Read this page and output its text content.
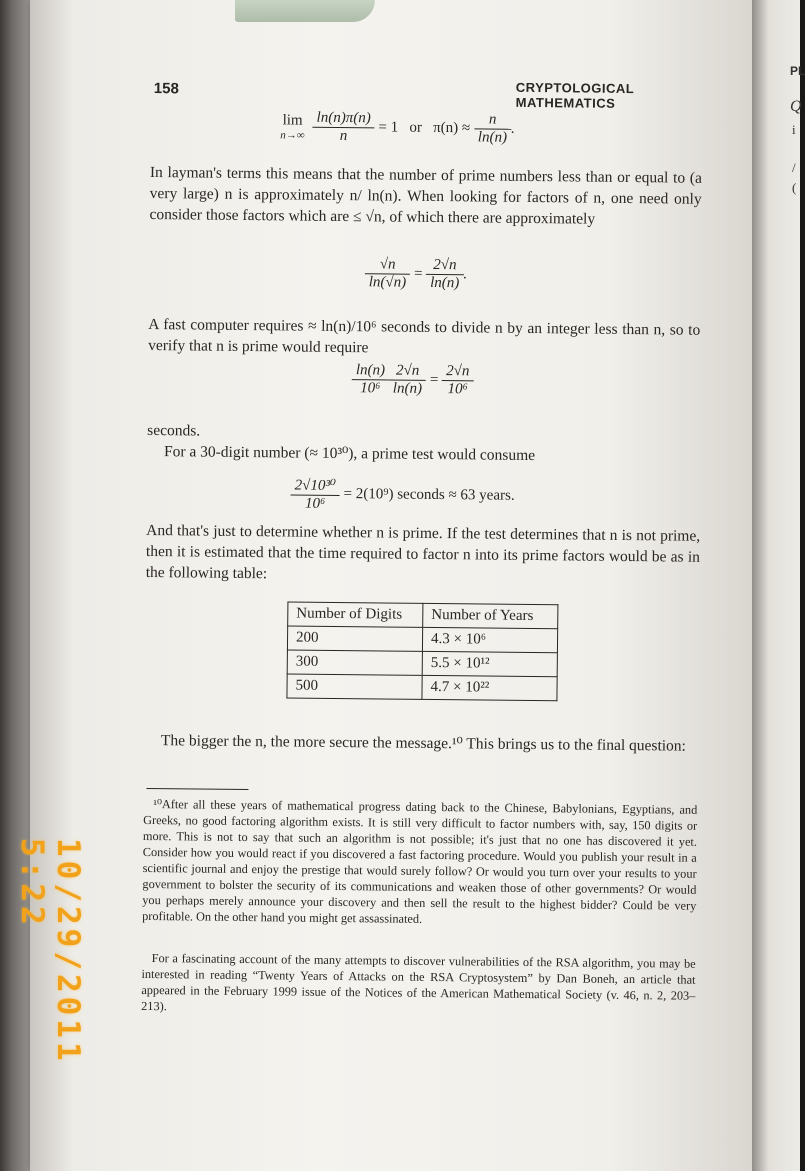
PL
Q
i
/
(
158	CRYPTOLOGICAL MATHEMATICS
lim
n→∞
$\frac{\ln(n)\pi(n)}{n} = 1$   or   $\pi(n) \approx \frac{n}{\ln(n)}$ .
In layman's terms this means that the number of prime numbers less than or equal to (a very large) n is approximately n/ ln(n). When looking for factors of n, one need only consider those factors which are ≤ √n, of which there are approximately
$\frac{√n}{\ln(√n)} = \frac{2√n}{\ln(n)}$ .
A fast computer requires ≈ ln(n)/10⁶ seconds to divide n by an integer less than n, so to verify that n is prime would require
$\frac{\ln(n)}{\text{10⁶}} \frac{2√n}{\ln(n)} = \frac{2√n}{\text{10⁶}}$
seconds.
For a 30-digit number (≈ 10³⁰), a prime test would consume
$\frac{\text{2√10³⁰}}{\text{10⁶}} = 2(10^9)$ seconds ≈ 63 years.
And that's just to determine whether n is prime. If the test determines that n is not prime, then it is estimated that the time required to factor n into its prime factors would be as in the following table:
Number of Digits	Number of Years
200	4.3 × 10⁶
300	5.5 × 10¹²
500	4.7 × 10²²
The bigger the n, the more secure the message.¹⁰ This brings us to the final question:
¹⁰After all these years of mathematical progress dating back to the Chinese, Babylonians, Egyptians, and Greeks, no good factoring algorithm exists. It is still very difficult to factor numbers with, say, 150 digits or more. This is not to say that such an algorithm is not possible; it's just that no one has discovered it yet. Consider how you would react if you discovered a fast factoring procedure. Would you publish your result in a scientific journal and enjoy the prestige that would surely follow? Or would you turn over your results to your government to bolster the security of its communications and weaken those of other governments? Or would you perhaps merely announce your discovery and then sell the result to the highest bidder? Could be very profitable. On the other hand you might get assassinated.
For a fascinating account of the many attempts to discover vulnerabilities of the RSA algorithm, you may be interested in reading “Twenty Years of Attacks on the RSA Cryptosystem” by Dan Boneh, an article that appeared in the February 1999 issue of the Notices of the American Mathematical Society (v. 46, n. 2, 203–213).
10/29/2011 5:22
